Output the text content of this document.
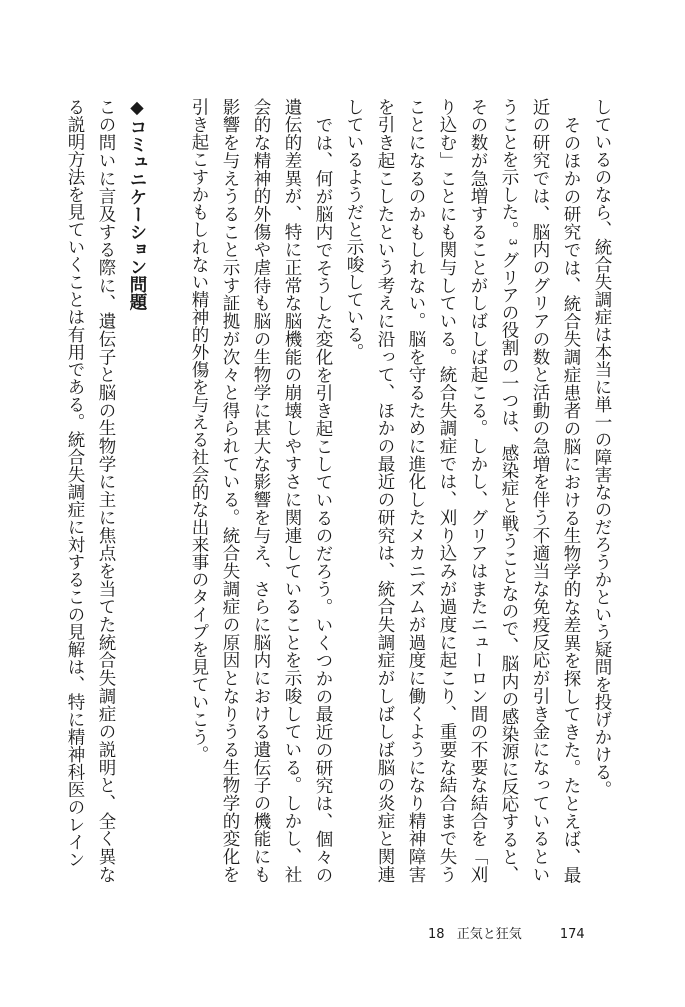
しているのなら、統合失調症は本当に単一の障害なのだろうかという疑問を投げかける。

そのほかの研究では、統合失調症患者の脳における生物学的な差異を探してきた。たとえば、最近の研究では、脳内のグリアの数と活動の急増を伴う不適当な免疫反応が引き金になっているということを示した。³ グリアの役割の一つは、感染症と戦うことなので、脳内の感染源に反応すると、その数が急増することがしばしば起こる。しかし、グリアはまたニューロン間の不要な結合を「刈り込む」ことにも関与している。統合失調症では、刈り込みが過度に起こり、重要な結合まで失うことになるのかもしれない。脳を守るために進化したメカニズムが過度に働くようになり精神障害を引き起こしたという考えに沿って、ほかの最近の研究は、統合失調症がしばしば脳の炎症と関連しているようだと示唆している。

では、何が脳内でそうした変化を引き起こしているのだろう。いくつかの最近の研究は、個々の遺伝的差異が、特に正常な脳機能の崩壊しやすさに関連していることを示唆している。しかし、社会的な精神的外傷や虐待も脳の生物学に甚大な影響を与え、さらに脳内における遺伝子の機能にも影響を与えうること示す証拠が次々と得られている。統合失調症の原因となりうる生物学的変化を引き起こすかもしれない精神的外傷を与える社会的な出来事のタイプを見ていこう。

◆コミュニケーション問題

この問いに言及する際に、遺伝子と脳の生物学に主に焦点を当てた統合失調症の説明と、全く異なる説明方法を見ていくことは有用である。統合失調症に対するこの見解は、特に精神科医のレイン

18 正気と狂気	174
